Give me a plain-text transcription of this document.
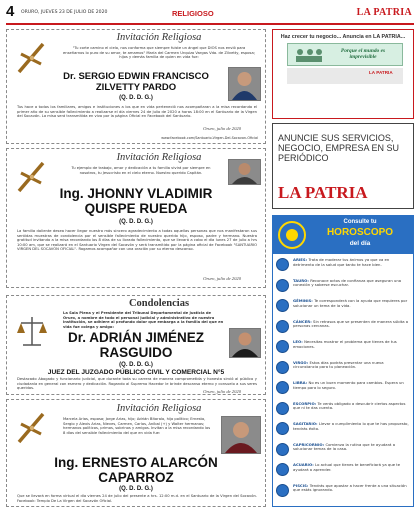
4 ORURO, JUEVES 23 DE JULIO DE 2020	RELIGIOSO	LA PATRIA
Invitación Religiosa
"Tu corte camino el cielo, nos conforma que siempre fuiste un ángel que DIOS nos envió para enseñarnos lo puro de su amor, te amamos" María del Carmen Urquizo Vargas Vda. de Zilvetty, esposa; hijos y demás familia de quien en vida fue:
Dr. SERGIO EDWIN FRANCISCO ZILVETTY PARDO
(Q. D. D. G.)
Tus hace a todos los familiares, amigos e instituciones a los que en vida perteneció nos acompañaran a la misa recordando el primer año de su sensible fallecimiento a realizarse el día viernes 24 de Julio de 2020 a horas 18:00 en el Santuario de la Virgen del Socavón. La misa será transmitida en vivo por la página Oficial en Facebook del Santuario.
Oruro, julio de 2020
www.facebook.com/Santuario-Virgen-Del-Socavon-Oficial
Invitación Religiosa
Tu ejemplo de trabajo, amor y dedicación a tu familia vivirá por siempre en nosotros, tu Jesucristo en el cielo eterno. Nuestro querido Capitán.
Ing. JHONNY VLADIMIR QUISPE RUEDA
(Q. D. D. G.)
La familia doliente desea hacer llegar nuestro más sincero agradecimiento a todas aquellas personas que nos manifestaron sus sentidas muestras de condolencia por el sensible fallecimiento de nuestro querido hijo, esposo, padre y hermano. Nuestra gratitud invitando a la misa recordando los 8 días de su llorado fallecimiento, que se llevará a cabo el día lunes 27 de julio a hrs 10:00 am, que se realizará en el Santuario Virgen del Socavón y será transmitido por la página oficial de Facebook "SANTUARIO VIRGEN DEL SOCAVÓN OFICIAL". Rogamos acompañar con una oración por su eterno descanso.
Oruro, julio de 2020
Condolencias
La Sala Plena y el Presidente del Tribunal Departamental de Justicia de Oruro, a nombre de todo el personal judicial y administrativo de nuestra institución, se adhiere al profundo dolor que embarga a la familia del que en vida fue colega y amigo:
Dr. ADRIÁN JIMÉNEZ RASGUIDO
(Q. D. D. G.)
JUEZ DEL JUZGADO PÚBLICO CIVIL Y COMERCIAL N°5
Destacado Abogado y funcionario judicial, que durante toda su carrera de manera comprometida y honesta sirvió al público y ciudadanía en general con esmero y dedicación. Rogando al Supremo Hacedor le brinde descanso eterno y consuelo a sus seres queridos.
Oruro, julio de 2020
Invitación Religiosa
Marcela Arias, esposa; Jorge Arias, hijo; Adrián Bitoralo, hijo político; Ernesto, Sergio y Alexis Arias, Nieves, Carmen, Carlos, Aníbal (+) y Walter hermanos; hermanos políticos, primos, sobrinos y amigos. Invitan a la misa recordando los 8 días del sensible fallecimiento del que en vida fue:
Ing. ERNESTO ALARCÓN CAPARROZ
(Q. D. D. G.)
Que se llevará en forma virtual el día viernes 24 de julio del presente a hrs. 12:00 m.d. en el Santuario de la Virgen del Socavón. Facebook: Templo De La Virgen del Socavón Oficial.
Haz crecer tu negocio... Anuncia en LA PATRIA...
Porque el mundo es imprevisible
LA PATRIA
ANUNCIE SUS SERVICIOS, NEGOCIO, EMPRESA EN SU PERIÓDICO
LA PATRIA
Consulte tu
HOROSCOPO
del día
ARIES: Trata de moderar tus ánimos ya que va en detrimento de la salud que tanto te hace bien.
TAURO: Reconoce actos de confianza que aseguran una conexión y saberse escuchar.
GÉMINIS: Te corresponderá con la ayuda que requieres por solucionar un tema de la vida.
CÁNCER: Sin retrasos que se presenten de manera súbita a personas cercanas.
LEO: Necesitas mostrar el problema que tienes de tus emociones.
VIRGO: Estos días podrás presentar una nueva circunstancia para tu planeación.
LIBRA: No es un buen momento para cambios. Espera un tiempo para lo seguro.
ESCORPIO: Te verás obligado a descubrir ciertos aspectos que ni te das cuenta.
SAGITARIO: Llevar a cumplimiento lo que te has propuesto, tendrás éxito.
CAPRICORNIO: Comienza la rutina que te ayudará a solucionar temas de la casa.
ACUARIO: Lo actual que tienes te beneficiará ya que te ayudará a aprender.
PISCIS: Tendrás que apostar a hacer frente a una situación que estás ignorando.
